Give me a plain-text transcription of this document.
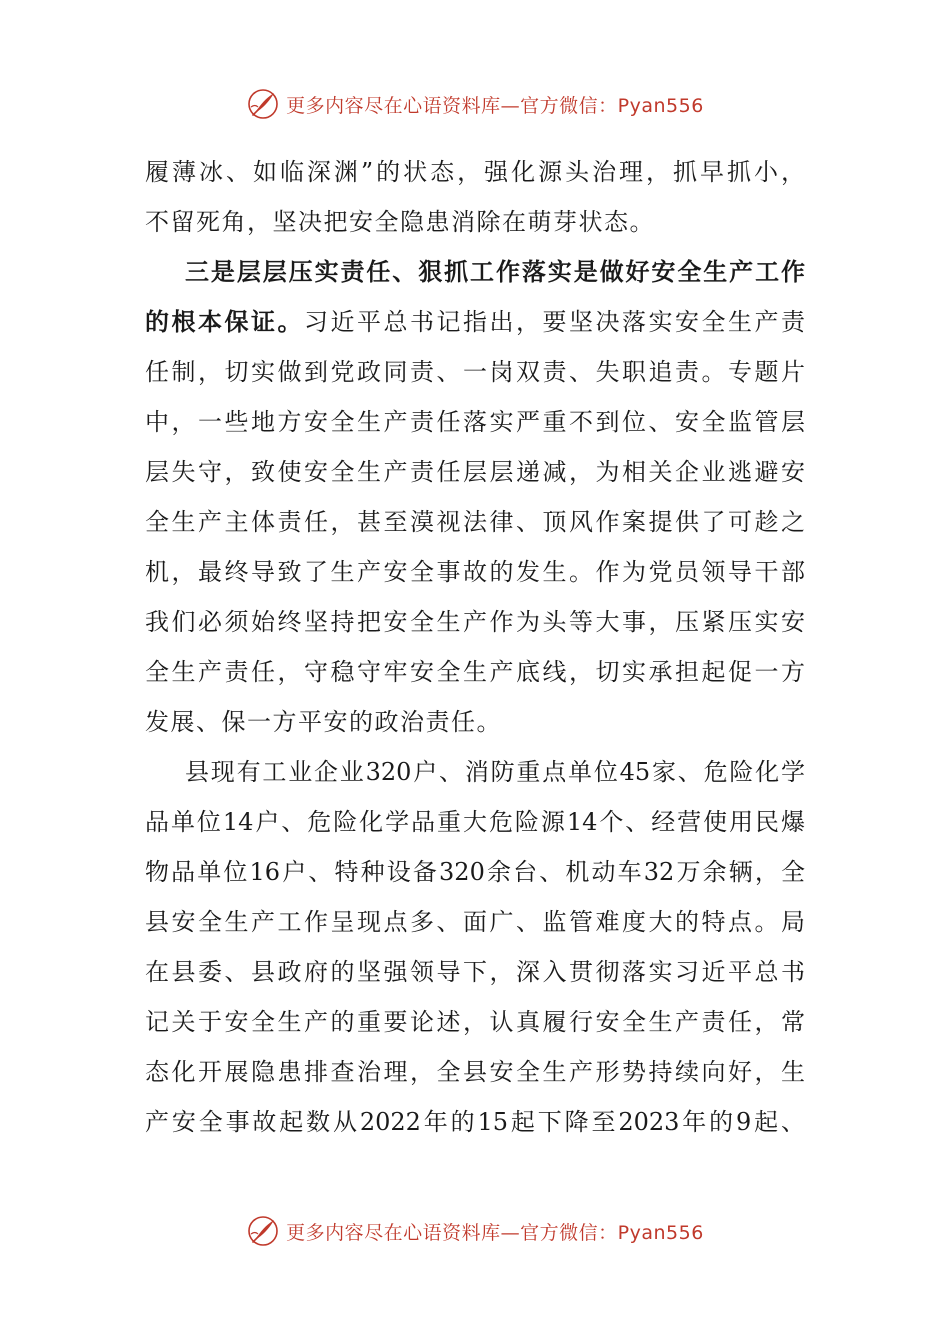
更多内容尽在心语资料库—官方微信：Pyan556
履薄冰、如临深渊”的状态，强化源头治理，抓早抓小，
不留死角，坚决把安全隐患消除在萌芽状态。
三是层层压实责任、狠抓工作落实是做好安全生产工作
的根本保证。习近平总书记指出，要坚决落实安全生产责
任制，切实做到党政同责、一岗双责、失职追责。专题片
中，一些地方安全生产责任落实严重不到位、安全监管层
层失守，致使安全生产责任层层递减，为相关企业逃避安
全生产主体责任，甚至漠视法律、顶风作案提供了可趁之
机，最终导致了生产安全事故的发生。作为党员领导干部
我们必须始终坚持把安全生产作为头等大事，压紧压实安
全生产责任，守稳守牢安全生产底线，切实承担起促一方
发展、保一方平安的政治责任。
县现有工业企业320户、消防重点单位45家、危险化学
品单位14户、危险化学品重大危险源14个、经营使用民爆
物品单位16户、特种设备320余台、机动车32万余辆，全
县安全生产工作呈现点多、面广、监管难度大的特点。局
在县委、县政府的坚强领导下，深入贯彻落实习近平总书
记关于安全生产的重要论述，认真履行安全生产责任，常
态化开展隐患排查治理，全县安全生产形势持续向好，生
产安全事故起数从2022年的15起下降至2023年的9起、
更多内容尽在心语资料库—官方微信：Pyan556
